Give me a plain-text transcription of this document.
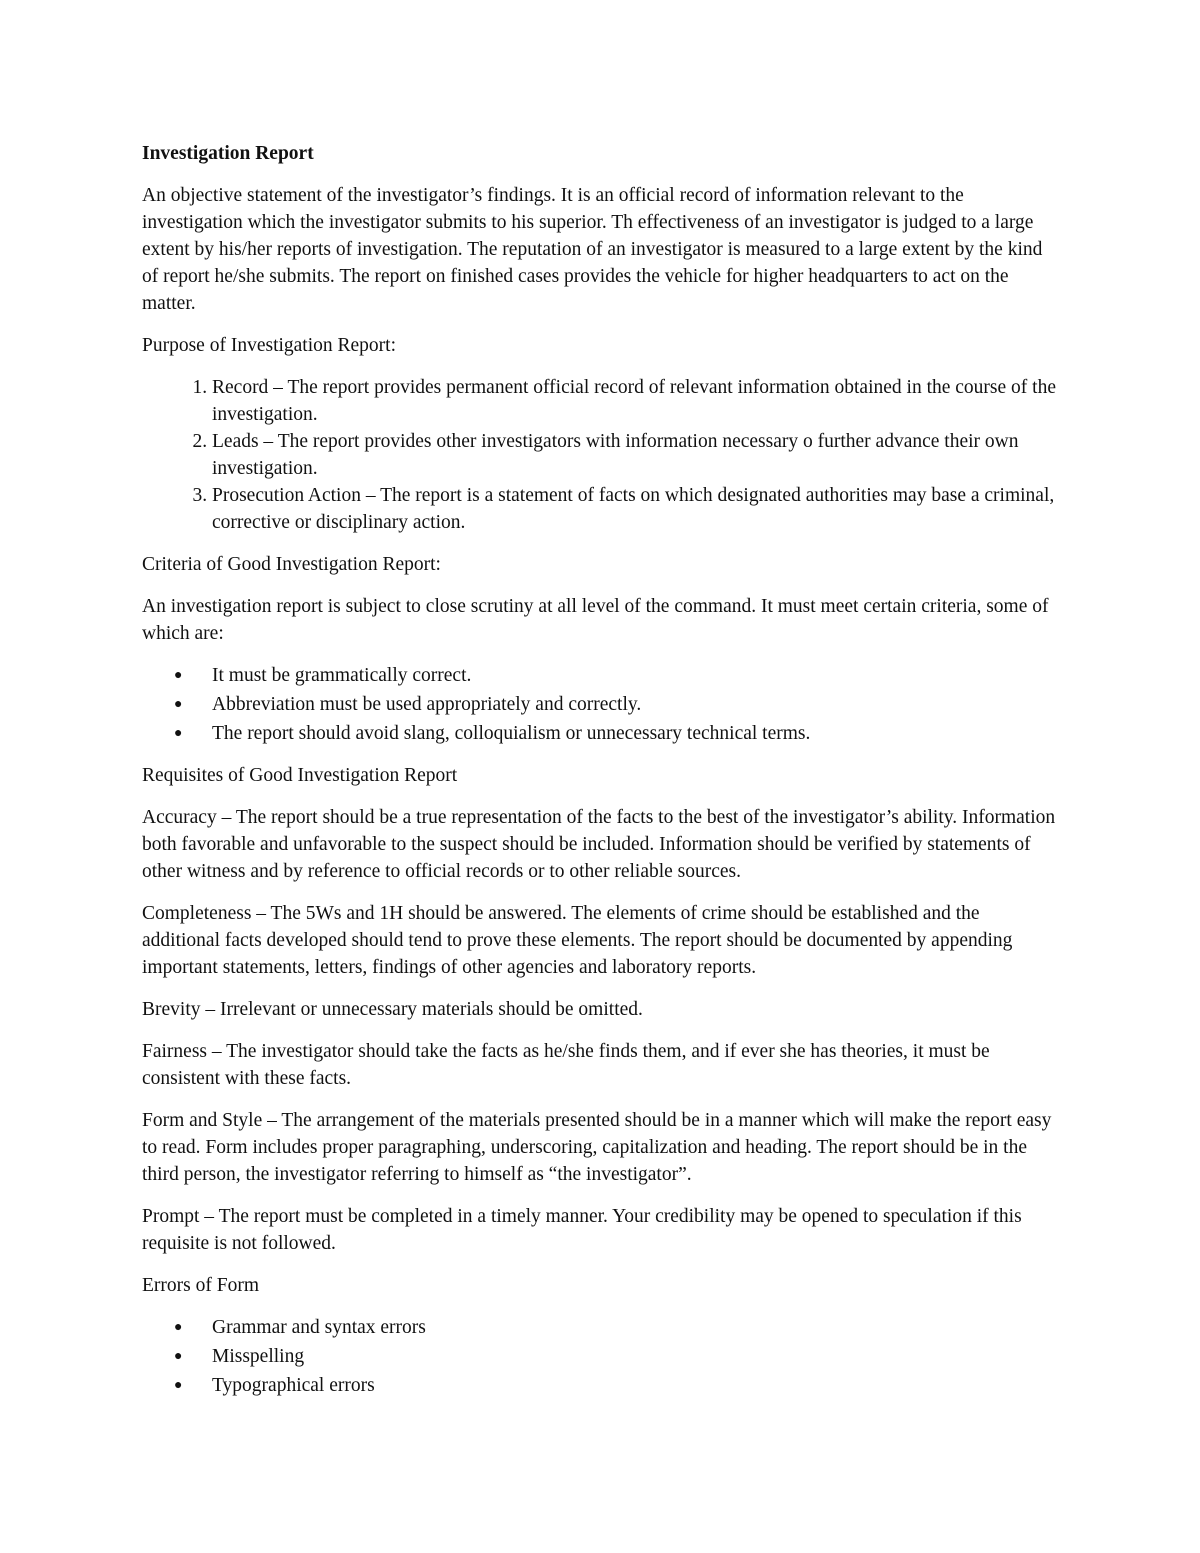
Investigation Report

An objective statement of the investigator’s findings. It is an official record of information relevant to the investigation which the investigator submits to his superior. Th effectiveness of an investigator is judged to a large extent by his/her reports of investigation. The reputation of an investigator is measured to a large extent by the kind of report he/she submits. The report on finished cases provides the vehicle for higher headquarters to act on the matter.

Purpose of Investigation Report:

1. Record – The report provides permanent official record of relevant information obtained in the course of the investigation.
2. Leads – The report provides other investigators with information necessary o further advance their own investigation.
3. Prosecution Action – The report is a statement of facts on which designated authorities may base a criminal, corrective or disciplinary action.

Criteria of Good Investigation Report:

An investigation report is subject to close scrutiny at all level of the command. It must meet certain criteria, some of which are:

● It must be grammatically correct.
● Abbreviation must be used appropriately and correctly.
● The report should avoid slang, colloquialism or unnecessary technical terms.

Requisites of Good Investigation Report

Accuracy – The report should be a true representation of the facts to the best of the investigator’s ability. Information both favorable and unfavorable to the suspect should be included. Information should be verified by statements of other witness and by reference to official records or to other reliable sources.

Completeness – The 5Ws and 1H should be answered. The elements of crime should be established and the additional facts developed should tend to prove these elements. The report should be documented by appending important statements, letters, findings of other agencies and laboratory reports.

Brevity – Irrelevant or unnecessary materials should be omitted.

Fairness – The investigator should take the facts as he/she finds them, and if ever she has theories, it must be consistent with these facts.

Form and Style – The arrangement of the materials presented should be in a manner which will make the report easy to read. Form includes proper paragraphing, underscoring, capitalization and heading. The report should be in the third person, the investigator referring to himself as “the investigator”.

Prompt – The report must be completed in a timely manner. Your credibility may be opened to speculation if this requisite is not followed.

Errors of Form

● Grammar and syntax errors
● Misspelling
● Typographical errors
